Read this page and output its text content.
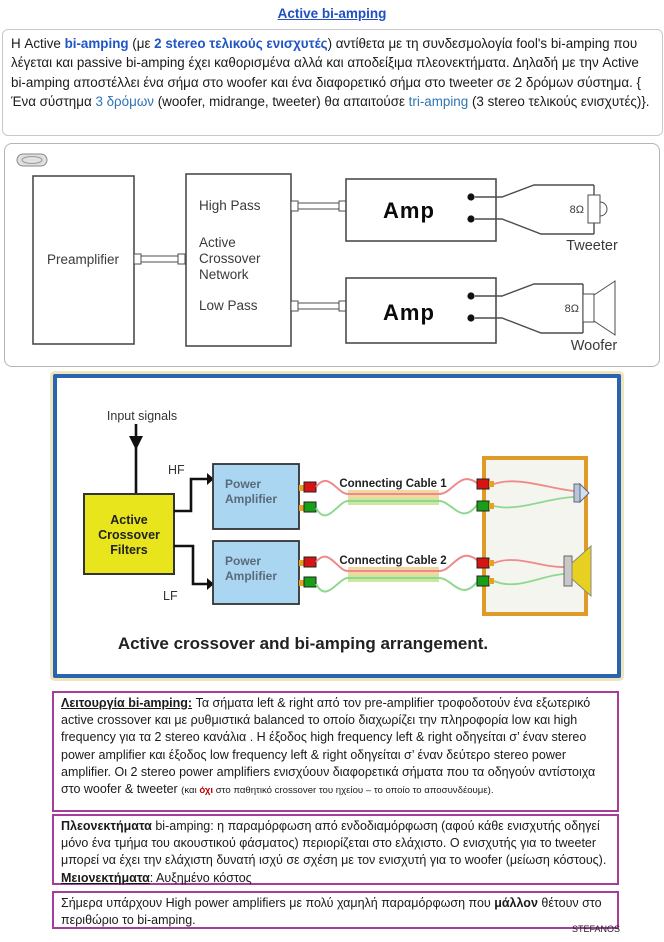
Active bi-amping
Η Active bi-amping (με 2 stereo τελικούς ενισχυτές) αντίθετα με τη συνδεσμολογία fool's bi-amping που λέγεται και passive bi-amping έχει καθορισμένα αλλά και αποδείξιμα πλεονεκτήματα. Δηλαδή με την Active bi-amping αποστέλλει ένα σήμα στο woofer και ένα διαφορετικό σήμα στο tweeter σε 2 δρόμων σύστημα. { Ένα σύστημα 3 δρόμων (woofer, midrange, tweeter) θα απαιτούσε tri-amping (3 stereo τελικούς ενισχυτές)}.
Preamplifier
High Pass
Active
Crossover
Network
Low Pass
Amp
Amp
8Ω
Tweeter
8Ω
Woofer
Input signals
Active
Crossover
Filters
HF
LF
Power
Amplifier
Power
Amplifier
Connecting Cable 1
Connecting Cable 2
Active crossover and bi-amping arrangement.
Λειτουργία bi-amping: Τα σήματα left & right από τον pre-amplifier τροφοδοτούν ένα εξωτερικό active crossover και με ρυθμιστικά balanced το οποίο διαχωρίζει την πληροφορία low και high frequency για τα 2 stereo κανάλια . Η έξοδος high frequency left & right οδηγείται σ’ έναν stereo power amplifier και έξοδος low frequency left & right οδηγείται σ’ έναν δεύτερο stereo power amplifier. Οι 2 stereo power amplifiers ενισχύουν διαφορετικά σήματα που τα οδηγούν αντίστοιχα στο woofer & tweeter (και όχι στο παθητικό crossover του ηχείου – το οποίο το αποσυνδέουμε).
Πλεονεκτήματα bi-amping: η παραμόρφωση από ενδοδιαμόρφωση (αφού κάθε ενισχυτής οδηγεί μόνο ένα τμήμα του ακουστικού φάσματος) περιορίζεται στο ελάχιστο. Ο ενισχυτής για το tweeter μπορεί να έχει την ελάχιστη δυνατή ισχύ σε σχέση με τον ενισχυτή για το woofer (μείωση κόστους). Μειονεκτήματα: Αυξημένο κόστος
Σήμερα υπάρχουν High power amplifiers με πολύ χαμηλή παραμόρφωση που μάλλον θέτουν στο περιθώριο το bi-amping.
STEFANOS
